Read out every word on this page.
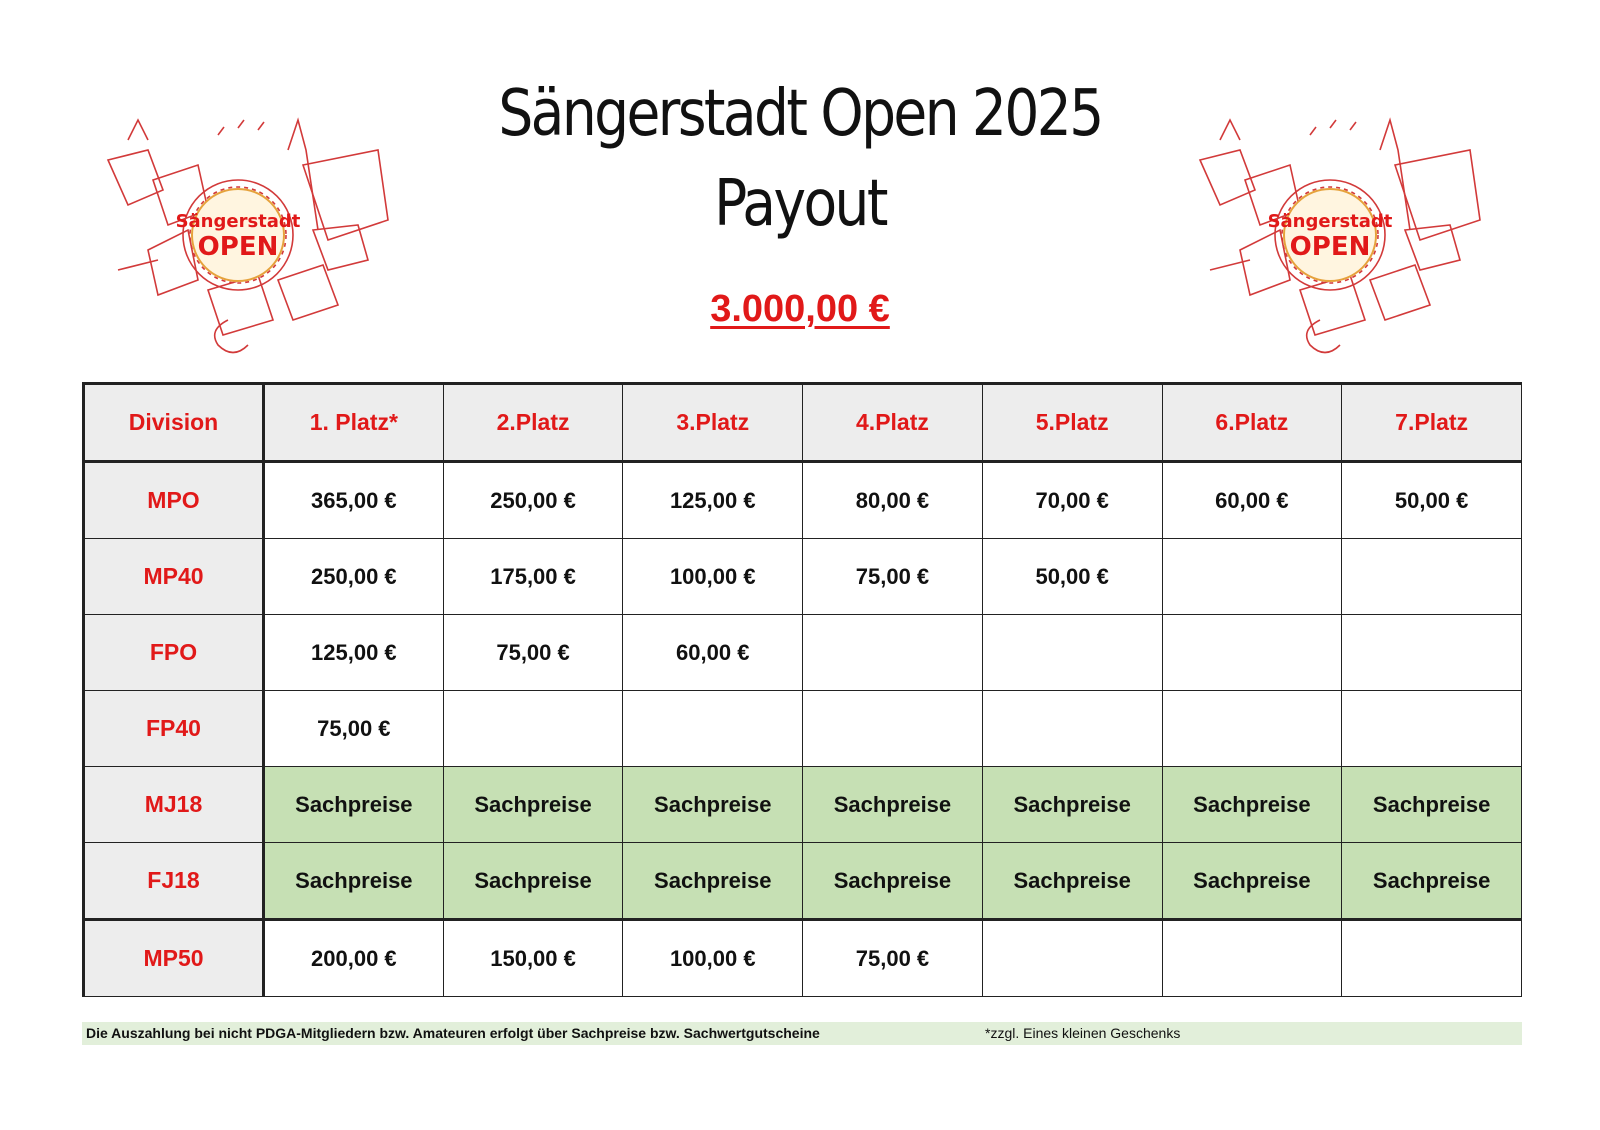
Sängerstadt
OPEN
Sängerstadt
OPEN
Sängerstadt Open 2025
Payout
3.000,00 €
Division	1. Platz*	2.Platz	3.Platz	4.Platz	5.Platz	6.Platz	7.Platz
MPO	365,00 €	250,00 €	125,00 €	80,00 €	70,00 €	60,00 €	50,00 €
MP40	250,00 €	175,00 €	100,00 €	75,00 €	50,00 €		
FPO	125,00 €	75,00 €	60,00 €				
FP40	75,00 €						
MJ18	Sachpreise	Sachpreise	Sachpreise	Sachpreise	Sachpreise	Sachpreise	Sachpreise
FJ18	Sachpreise	Sachpreise	Sachpreise	Sachpreise	Sachpreise	Sachpreise	Sachpreise
MP50	200,00 €	150,00 €	100,00 €	75,00 €			
Die Auszahlung bei nicht PDGA-Mitgliedern bzw. Amateuren erfolgt über Sachpreise bzw. Sachwertgutscheine	*zzgl. Eines kleinen Geschenks
